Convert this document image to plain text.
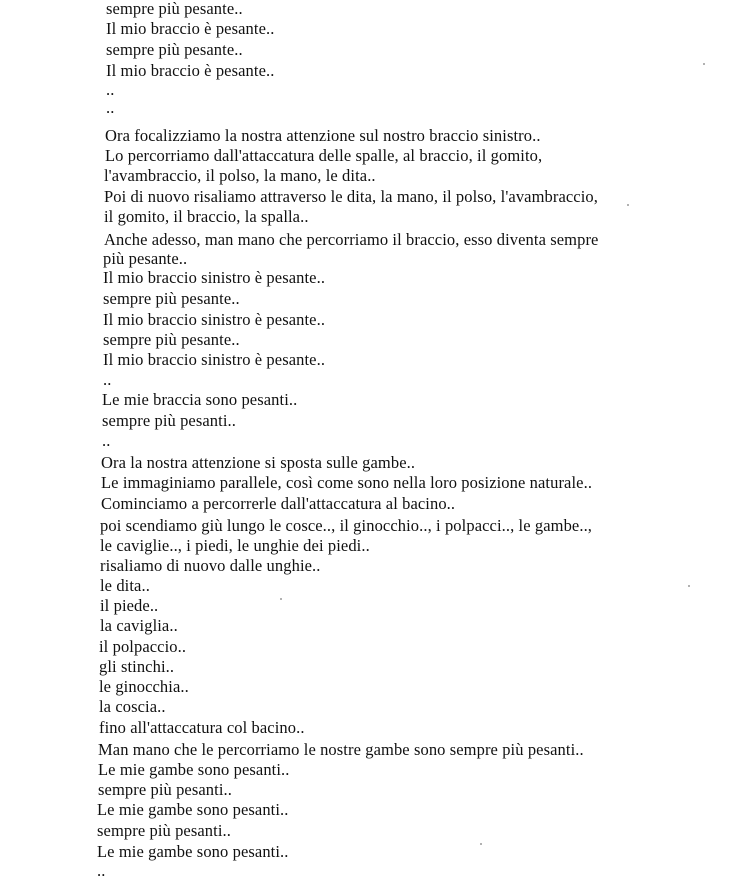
sempre più pesante..
Il mio braccio è pesante..
sempre più pesante..
Il mio braccio è pesante..
..
..
Ora focalizziamo la nostra attenzione sul nostro braccio sinistro..
Lo percorriamo dall'attaccatura delle spalle, al braccio, il gomito,
l'avambraccio, il polso, la mano, le dita..
Poi di nuovo risaliamo attraverso le dita, la mano, il polso, l'avambraccio,
il gomito, il braccio, la spalla..
Anche adesso, man mano che percorriamo il braccio, esso diventa sempre
più pesante..
Il mio braccio sinistro è pesante..
sempre più pesante..
Il mio braccio sinistro è pesante..
sempre più pesante..
Il mio braccio sinistro è pesante..
..
Le mie braccia sono pesanti..
sempre più pesanti..
..
Ora la nostra attenzione si sposta sulle gambe..
Le immaginiamo parallele, così come sono nella loro posizione naturale..
Cominciamo a percorrerle dall'attaccatura al bacino..
poi scendiamo giù lungo le cosce.., il ginocchio.., i polpacci.., le gambe..,
le caviglie.., i piedi, le unghie dei piedi..
risaliamo di nuovo dalle unghie..
le dita..
il piede..
la caviglia..
il polpaccio..
gli stinchi..
le ginocchia..
la coscia..
fino all'attaccatura col bacino..
Man mano che le percorriamo le nostre gambe sono sempre più pesanti..
Le mie gambe sono pesanti..
sempre più pesanti..
Le mie gambe sono pesanti..
sempre più pesanti..
Le mie gambe sono pesanti..
..
